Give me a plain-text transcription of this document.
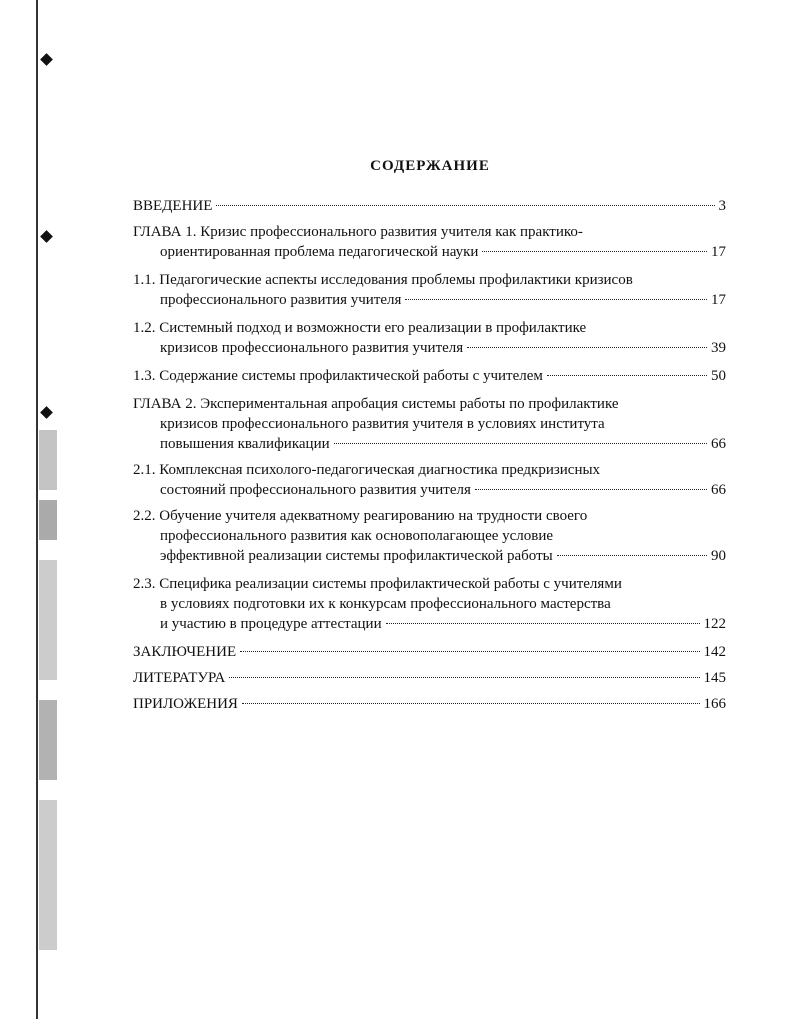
СОДЕРЖАНИЕ
ВВЕДЕНИЕ	3
ГЛАВА 1. Кризис профессионального развития учителя как практико-
ориентированная проблема педагогической науки	17
1.1. Педагогические аспекты исследования проблемы профилактики кризисов
профессионального развития учителя	17
1.2. Системный подход и возможности его реализации в профилактике
кризисов профессионального развития учителя	39
1.3. Содержание системы профилактической работы с учителем	50
ГЛАВА 2. Экспериментальная апробация системы работы по профилактике
кризисов профессионального развития учителя в условиях института
повышения квалификации	66
2.1. Комплексная психолого-педагогическая диагностика предкризисных
состояний профессионального развития учителя	66
2.2. Обучение учителя адекватному реагированию на трудности своего
профессионального развития как основополагающее условие
эффективной реализации системы профилактической работы	90
2.3. Специфика реализации системы профилактической работы с учителями
в условиях подготовки их к конкурсам профессионального мастерства
и участию в процедуре аттестации	122
ЗАКЛЮЧЕНИЕ	142
ЛИТЕРАТУРА	145
ПРИЛОЖЕНИЯ	166
